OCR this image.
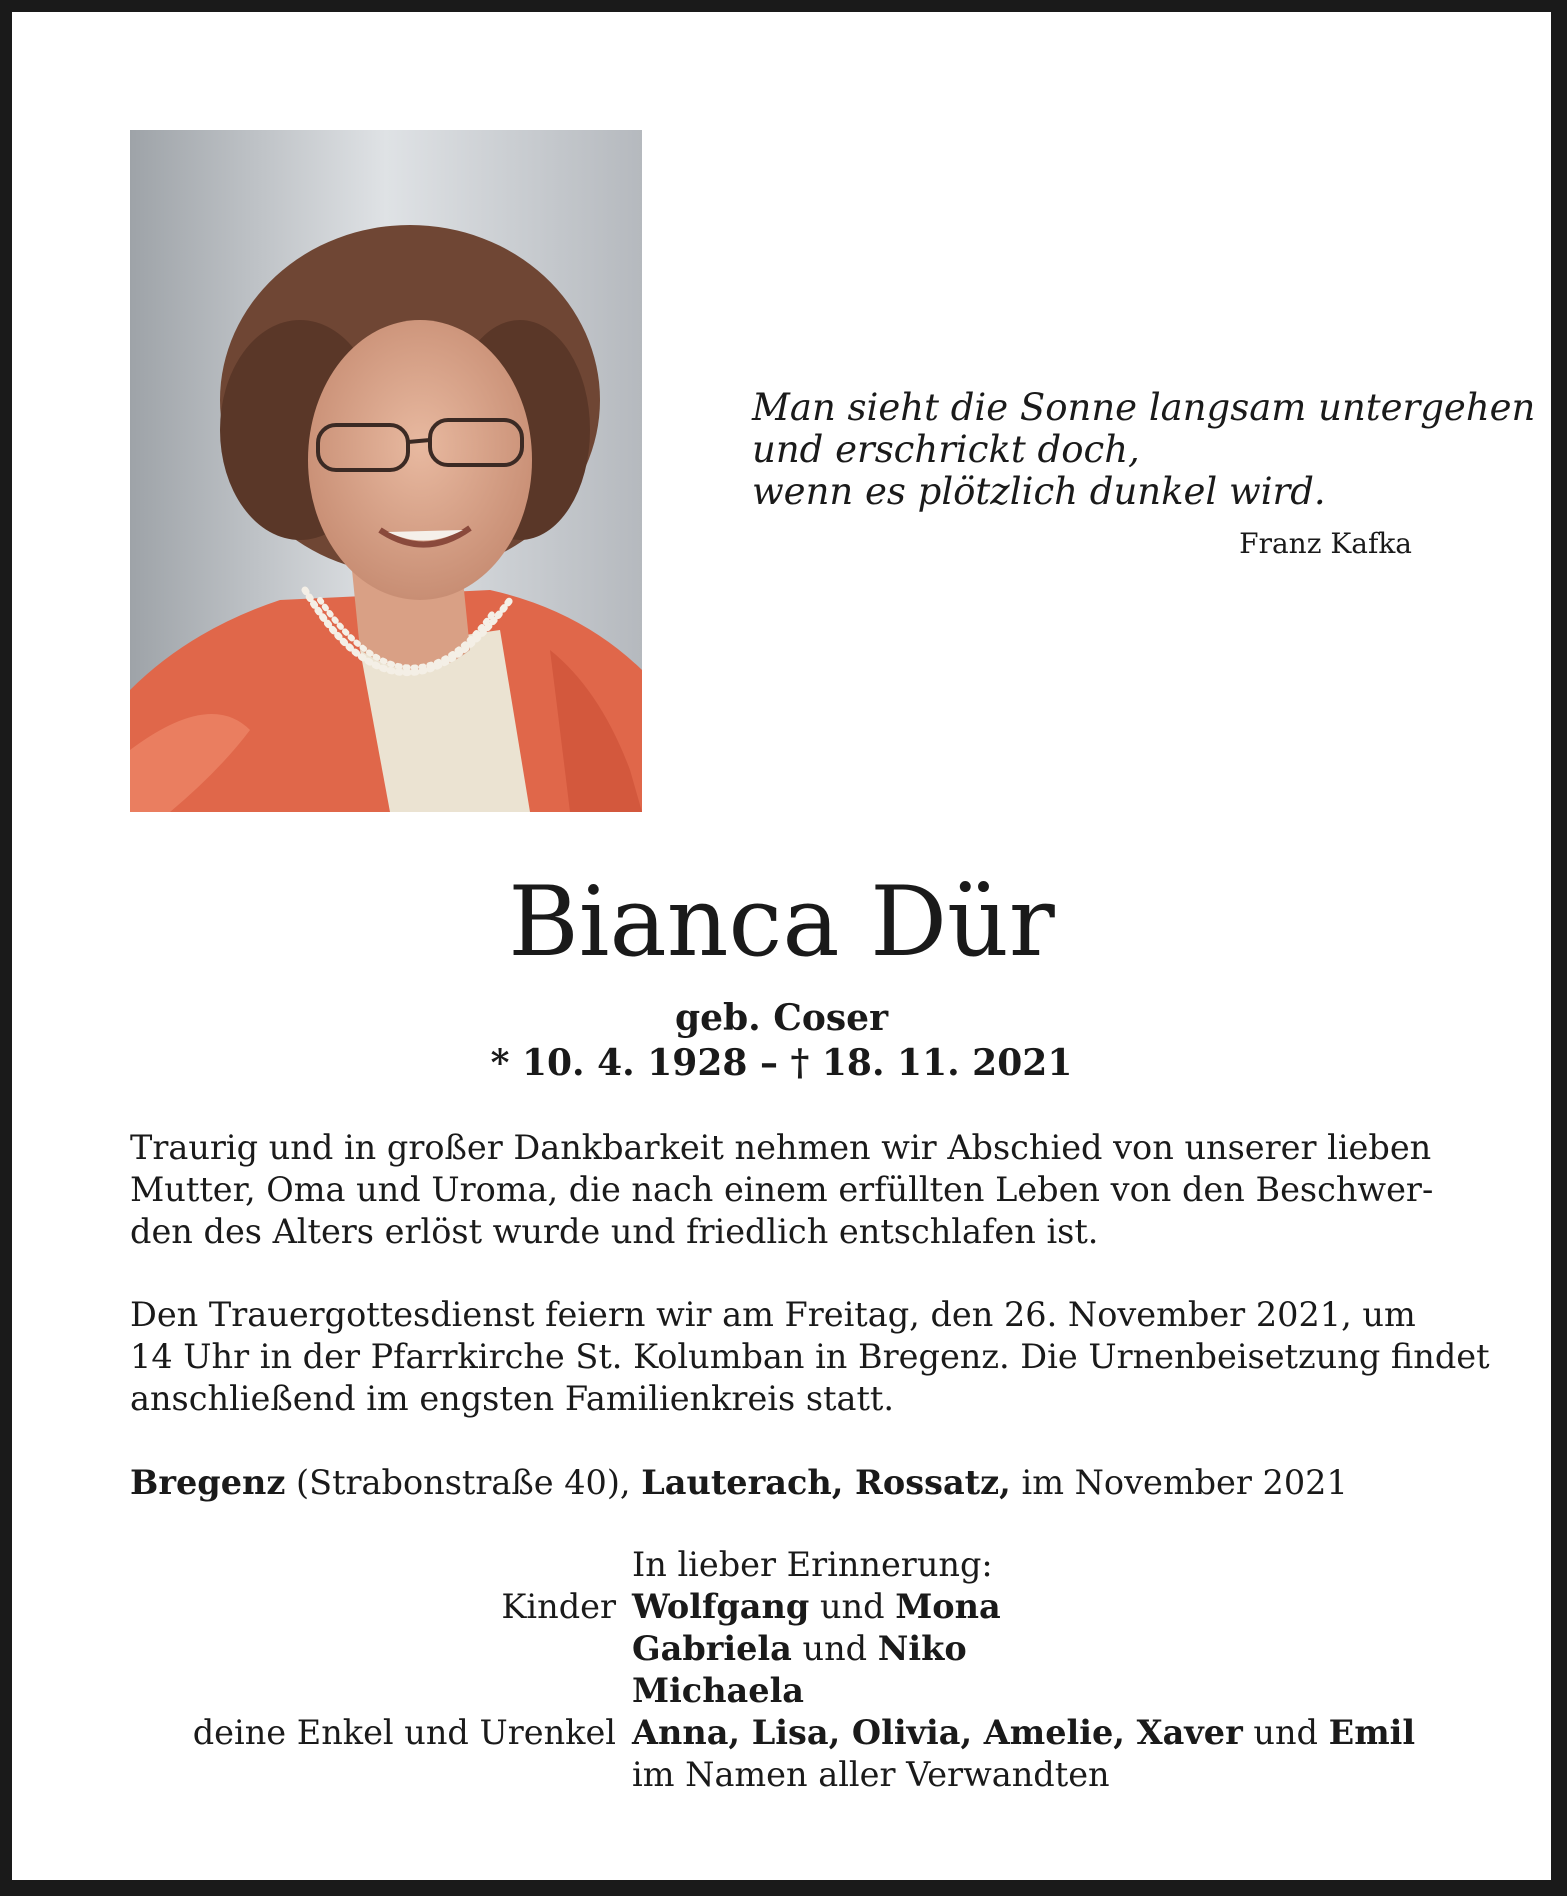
Man sieht die Sonne langsam untergehen
und erschrickt doch,
wenn es plötzlich dunkel wird.
Franz Kafka
Bianca Dür
geb. Coser
* 10. 4. 1928 – † 18. 11. 2021
Traurig und in großer Dankbarkeit nehmen wir Abschied von unserer lieben
Mutter, Oma und Uroma, die nach einem erfüllten Leben von den Beschwer-
den des Alters erlöst wurde und friedlich entschlafen ist.
Den Trauergottesdienst feiern wir am Freitag, den 26. November 2021, um
14 Uhr in der Pfarrkirche St. Kolumban in Bregenz. Die Urnenbeisetzung findet
anschließend im engsten Familienkreis statt.
Bregenz (Strabonstraße 40), Lauterach, Rossatz, im November 2021
In lieber Erinnerung:
Kinder Wolfgang und Mona
Gabriela und Niko
Michaela
deine Enkel und Urenkel Anna, Lisa, Olivia, Amelie, Xaver und Emil
im Namen aller Verwandten
